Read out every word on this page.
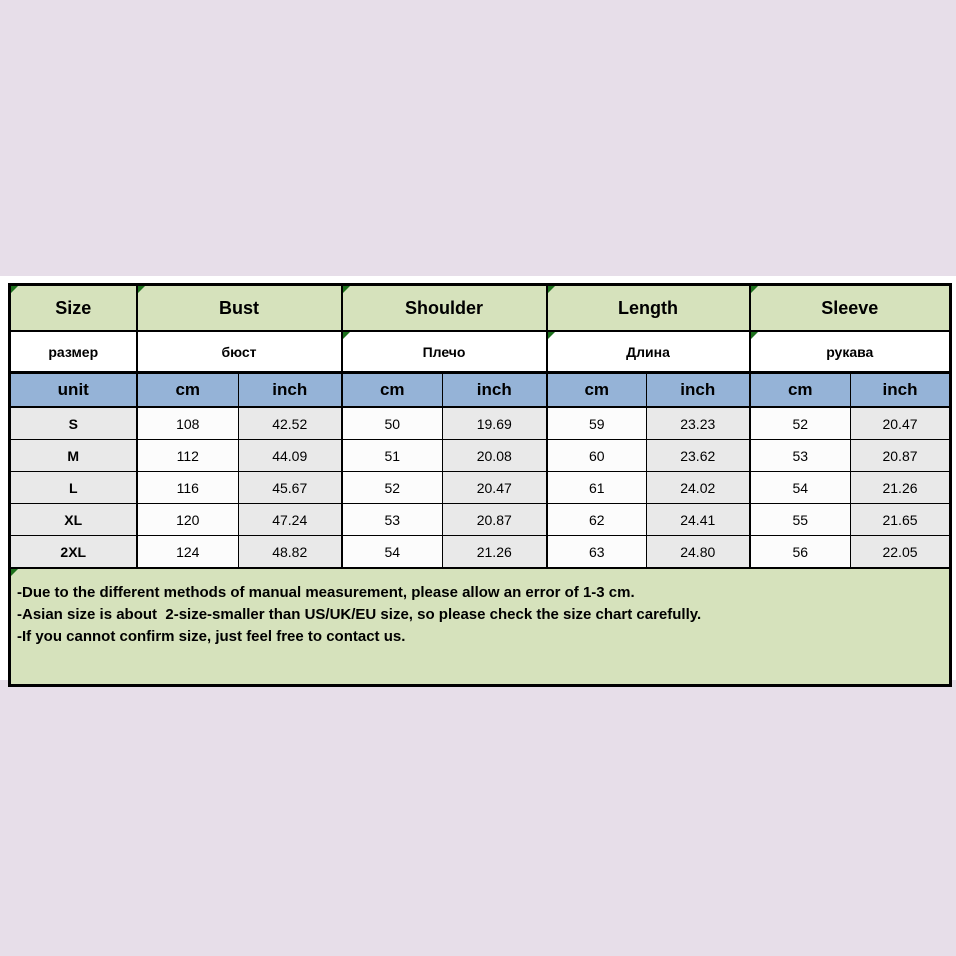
Size	Bust		Shoulder		Length		Sleeve	
размер	бюст		Плечо		Длина		рукава	
unit	cm	inch	cm	inch	cm	inch	cm	inch
S	108	42.52	50	19.69	59	23.23	52	20.47
M	112	44.09	51	20.08	60	23.62	53	20.87
L	116	45.67	52	20.47	61	24.02	54	21.26
XL	120	47.24	53	20.87	62	24.41	55	21.65
2XL	124	48.82	54	21.26	63	24.80	56	22.05

-Due to the different methods of manual measurement, please allow an error of 1-3 cm.
-Asian size is about  2-size-smaller than US/UK/EU size, so please check the size chart carefully.
-If you cannot confirm size, just feel free to contact us.								
